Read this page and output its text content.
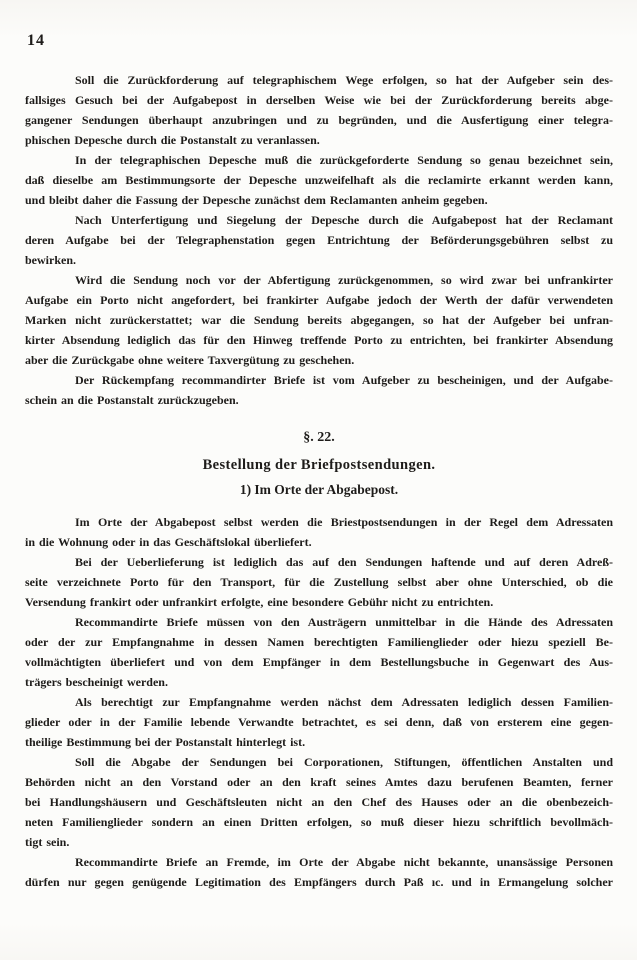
14
Soll die Zurückforderung auf telegraphischem Wege erfolgen, so hat der Aufgeber sein des-
fallsiges Gesuch bei der Aufgabepost in derselben Weise wie bei der Zurückforderung bereits abge-
gangener Sendungen überhaupt anzubringen und zu begründen, und die Ausfertigung einer telegra-
phischen Depesche durch die Postanstalt zu veranlassen.
In der telegraphischen Depesche muß die zurückgeforderte Sendung so genau bezeichnet sein,
daß dieselbe am Bestimmungsorte der Depesche unzweifelhaft als die reclamirte erkannt werden kann,
und bleibt daher die Fassung der Depesche zunächst dem Reclamanten anheim gegeben.
Nach Unterfertigung und Siegelung der Depesche durch die Aufgabepost hat der Reclamant
deren Aufgabe bei der Telegraphenstation gegen Entrichtung der Beförderungsgebühren selbst zu
bewirken.
Wird die Sendung noch vor der Abfertigung zurückgenommen, so wird zwar bei unfrankirter
Aufgabe ein Porto nicht angefordert, bei frankirter Aufgabe jedoch der Werth der dafür verwendeten
Marken nicht zurückerstattet; war die Sendung bereits abgegangen, so hat der Aufgeber bei unfran-
kirter Absendung lediglich das für den Hinweg treffende Porto zu entrichten, bei frankirter Absendung
aber die Zurückgabe ohne weitere Taxvergütung zu geschehen.
Der Rückempfang recommandirter Briefe ist vom Aufgeber zu bescheinigen, und der Aufgabe-
schein an die Postanstalt zurückzugeben.
§. 22.
Bestellung der Briefpostsendungen.
1) Im Orte der Abgabepost.
Im Orte der Abgabepost selbst werden die Briestpostsendungen in der Regel dem Adressaten
in die Wohnung oder in das Geschäftslokal überliefert.
Bei der Ueberlieferung ist lediglich das auf den Sendungen haftende und auf deren Adreß-
seite verzeichnete Porto für den Transport, für die Zustellung selbst aber ohne Unterschied, ob die
Versendung frankirt oder unfrankirt erfolgte, eine besondere Gebühr nicht zu entrichten.
Recommandirte Briefe müssen von den Austrägern unmittelbar in die Hände des Adressaten
oder der zur Empfangnahme in dessen Namen berechtigten Familienglieder oder hiezu speziell Be-
vollmächtigten überliefert und von dem Empfänger in dem Bestellungsbuche in Gegenwart des Aus-
trägers bescheinigt werden.
Als berechtigt zur Empfangnahme werden nächst dem Adressaten lediglich dessen Familien-
glieder oder in der Familie lebende Verwandte betrachtet, es sei denn, daß von ersterem eine gegen-
theilige Bestimmung bei der Postanstalt hinterlegt ist.
Soll die Abgabe der Sendungen bei Corporationen, Stiftungen, öffentlichen Anstalten und
Behörden nicht an den Vorstand oder an den kraft seines Amtes dazu berufenen Beamten, ferner
bei Handlungshäusern und Geschäftsleuten nicht an den Chef des Hauses oder an die obenbezeich-
neten Familienglieder sondern an einen Dritten erfolgen, so muß dieser hiezu schriftlich bevollmäch-
tigt sein.
Recommandirte Briefe an Fremde, im Orte der Abgabe nicht bekannte, unansässige Personen
dürfen nur gegen genügende Legitimation des Empfängers durch Paß ıc. und in Ermangelung solcher
